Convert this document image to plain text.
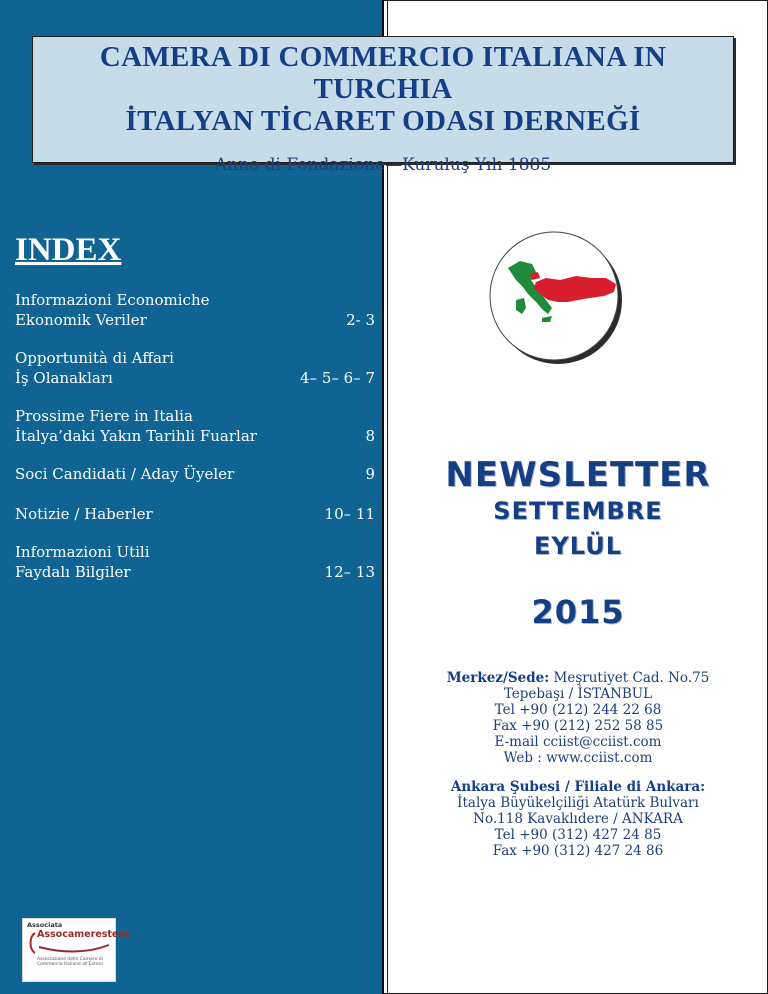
CAMERA DI COMMERCIO ITALIANA IN TURCHIA
İTALYAN TİCARET ODASI DERNEĞİ
Anno di Fondazione—Kuruluş Yılı 1885
INDEX
Informazioni Economiche
Ekonomik Veriler	2- 3
Opportunità di Affari
İş Olanakları	4– 5– 6– 7
Prossime Fiere in Italia
İtalya’daki Yakın Tarihli Fuarlar	8
Soci Candidati / Aday Üyeler	9
Notizie / Haberler	10– 11
Informazioni Utili
Faydalı Bilgiler	12– 13
NEWSLETTER
SETTEMBRE
EYLÜL
2015
Merkez/Sede: Meşrutiyet Cad. No.75
Tepebaşı / İSTANBUL
Tel +90 (212) 244 22 68
Fax +90 (212) 252 58 85
E-mail cciist@cciist.com
Web : www.cciist.com
Ankara Şubesi / Filiale di Ankara:
İtalya Büyükelçiliği Atatürk Bulvarı
No.118 Kavaklıdere / ANKARA
Tel +90 (312) 427 24 85
Fax +90 (312) 427 24 86
Associata
Assocamerestero
Associazione delle Camere di Commercio Italiane all'Estero
